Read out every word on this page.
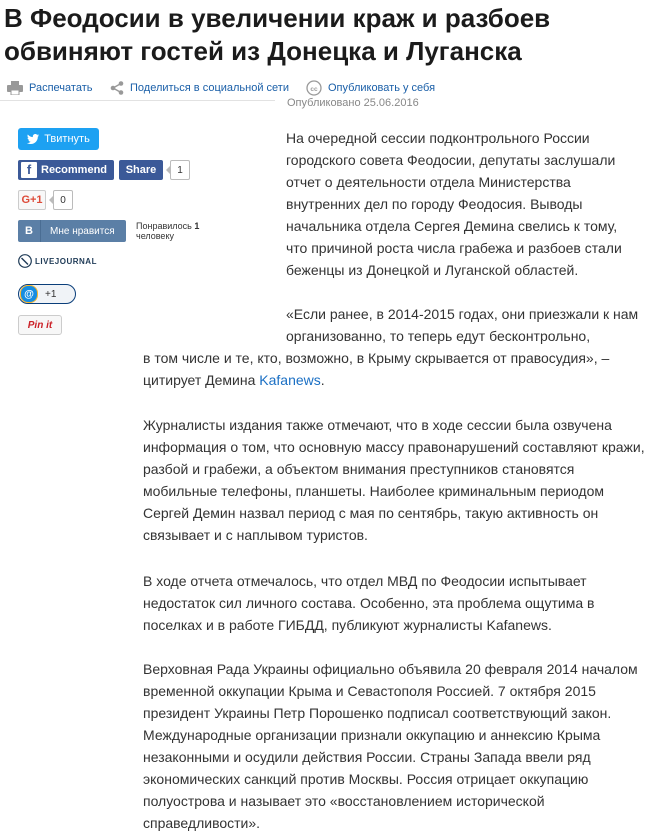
В Феодосии в увеличении краж и разбоев обвиняют гостей из Донецка и Луганска
Распечатать	Поделиться в социальной сети	cc Опубликовать у себя
Опубликовано 25.06.2016
Твитнуть
f Recommend Share	1
G+1	0
В	Мне нравится Понравилось 1
человеку
LIVEJOURNAL
@	+1
Pin it

На очередной сессии подконтрольного России городского совета Феодосии, депутаты заслушали отчет о деятельности отдела Министерства внутренних дел по городу Феодосия. Выводы начальника отдела Сергея Демина свелись к тому, что причиной роста числа грабежа и разбоев стали беженцы из Донецкой и Луганской областей.

«Если ранее, в 2014-2015 годах, они приезжали к нам организованно, то теперь едут бесконтрольно,

в том числе и те, кто, возможно, в Крыму скрывается от правосудия», – цитирует Демина Kafanews.

Журналисты издания также отмечают, что в ходе сессии была озвучена информация о том, что основную массу правонарушений составляют кражи, разбой и грабежи, а объектом внимания преступников становятся мобильные телефоны, планшеты. Наиболее криминальным периодом Сергей Демин назвал период с мая по сентябрь, такую активность он связывает и с наплывом туристов.

В ходе отчета отмечалось, что отдел МВД по Феодосии испытывает недостаток сил личного состава. Особенно, эта проблема ощутима в поселках и в работе ГИБДД, публикуют журналисты Kafanews.

Верховная Рада Украины официально объявила 20 февраля 2014 началом временной оккупации Крыма и Севастополя Россией. 7 октября 2015 президент Украины Петр Порошенко подписал соответствующий закон. Международные организации признали оккупацию и аннексию Крыма незаконными и осудили действия России. Страны Запада ввели ряд экономических санкций против Москвы. Россия отрицает оккупацию полуострова и называет это «восстановлением исторической справедливости».
